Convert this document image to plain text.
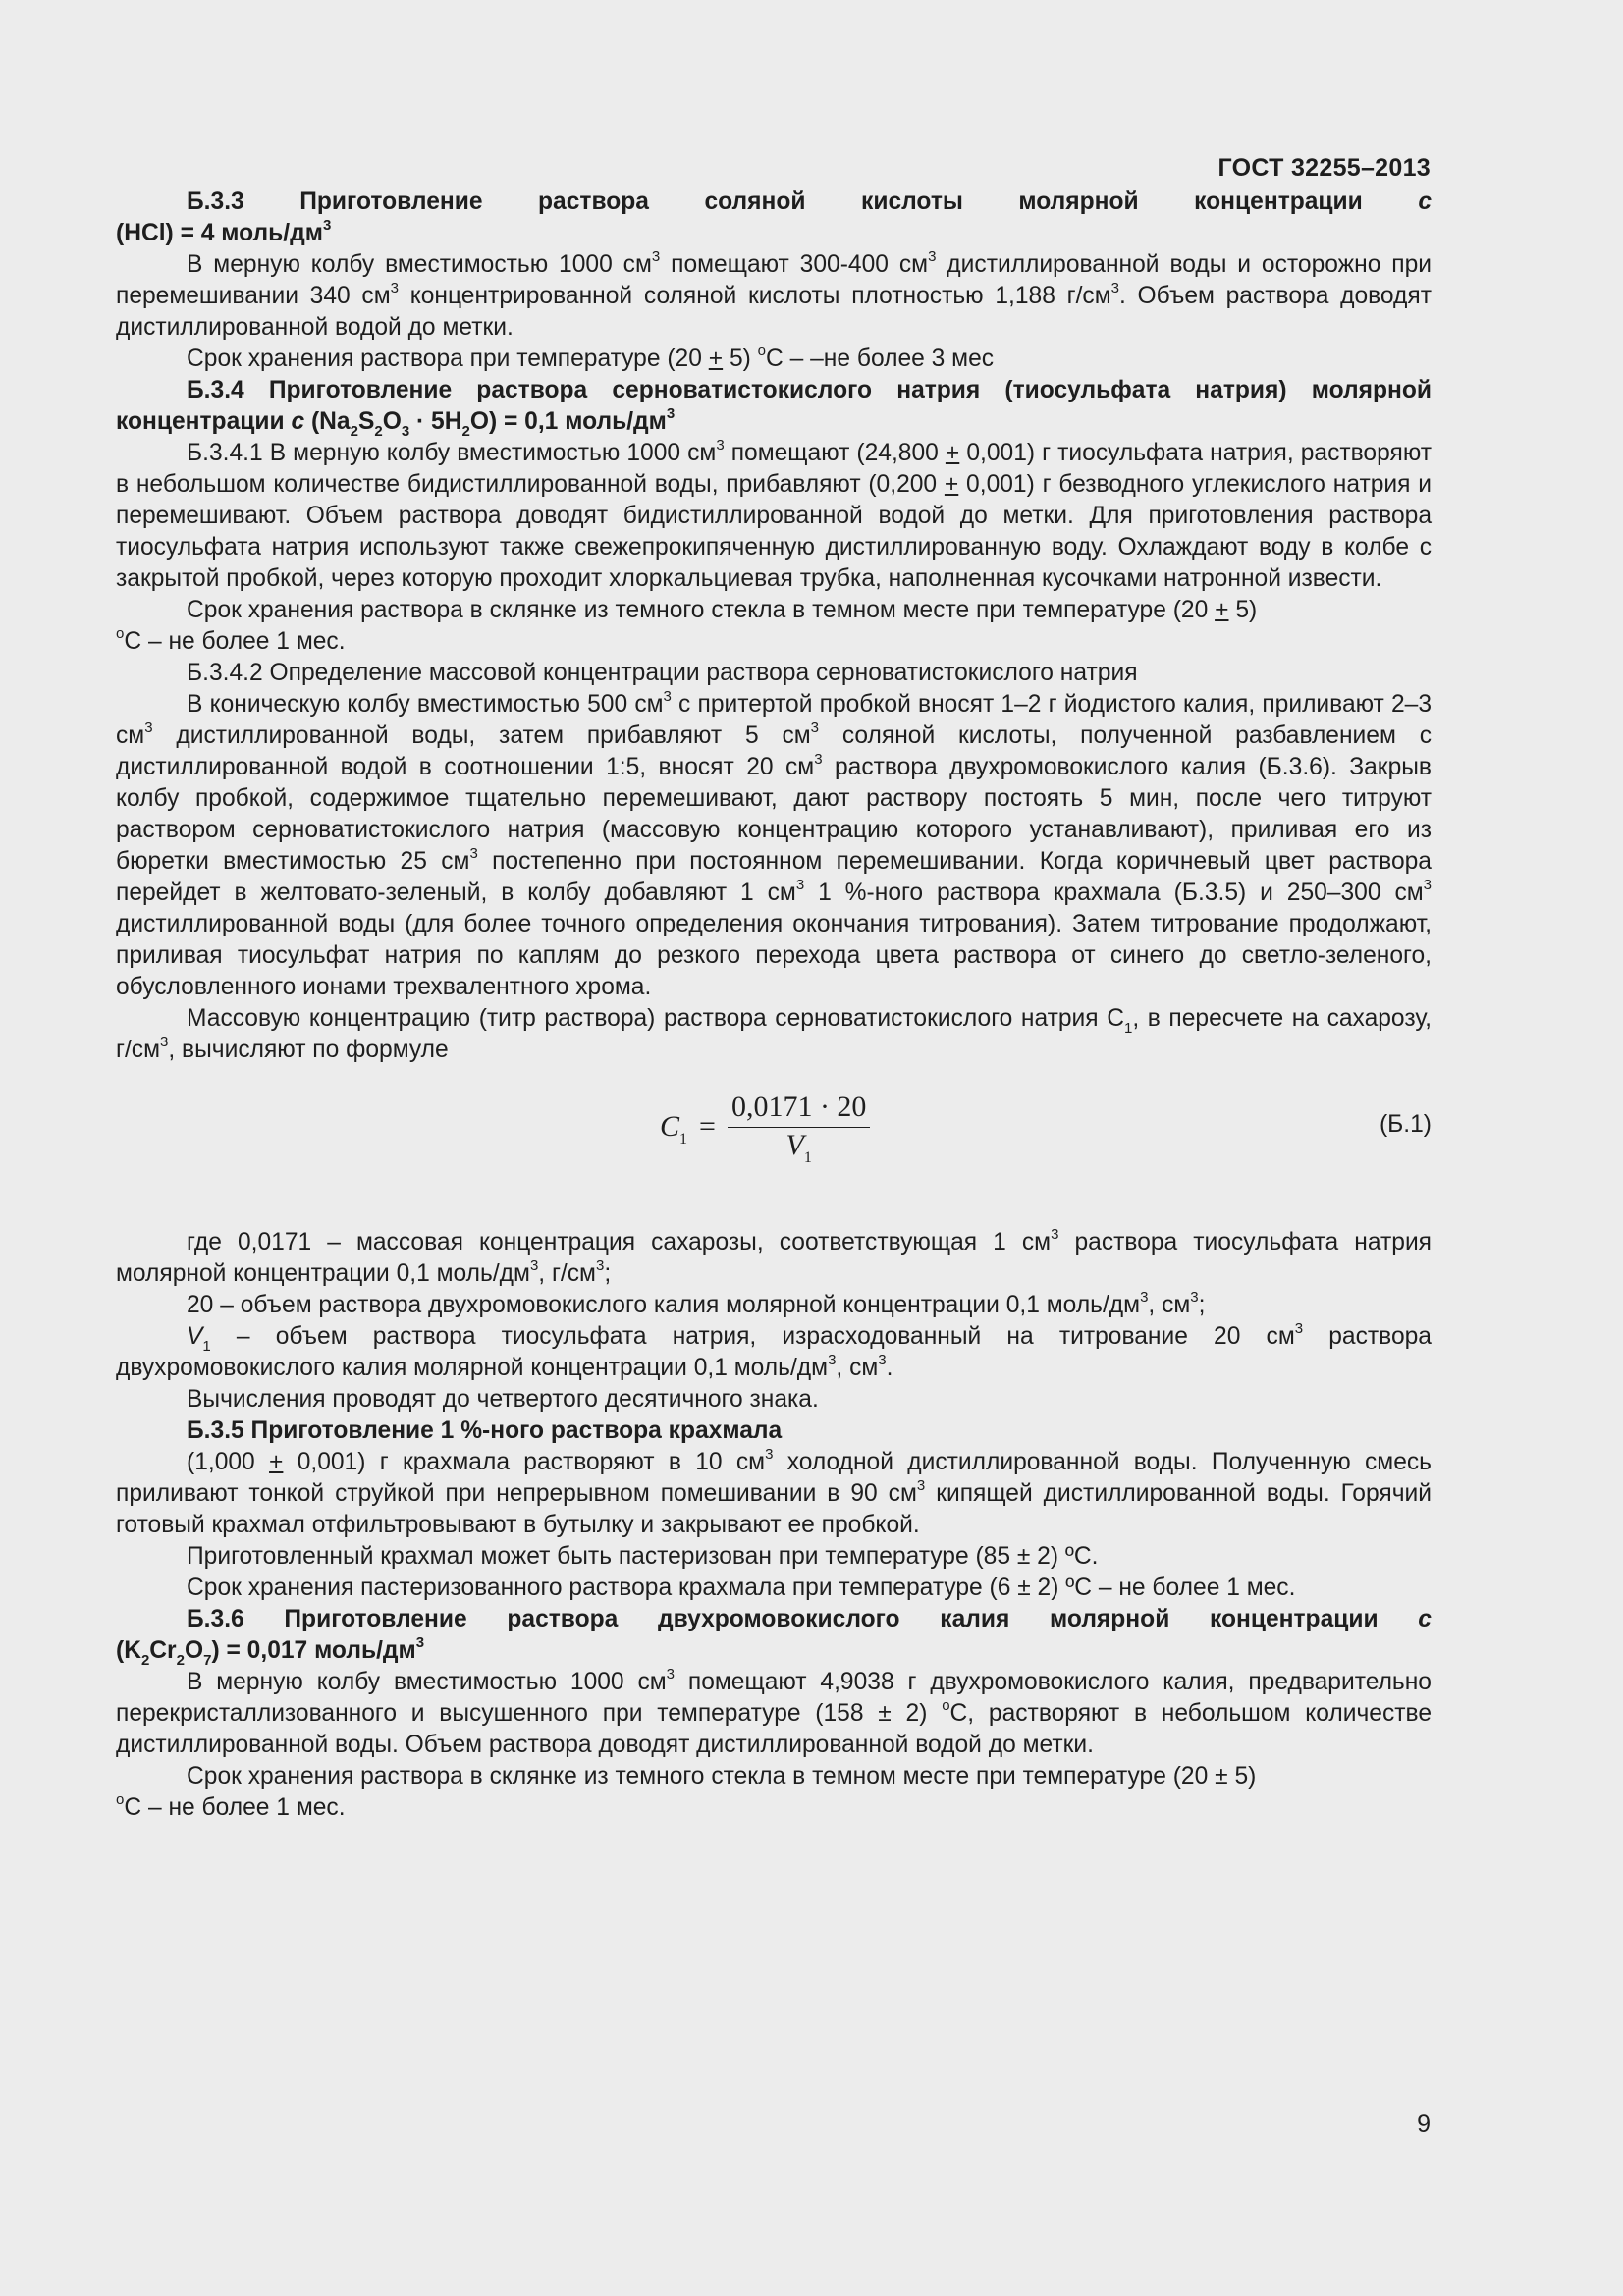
ГОСТ 32255–2013

Б.3.3 Приготовление раствора соляной кислоты молярной концентрации с

(HCl) = 4 моль/$дм^3$

В мерную колбу вместимостью 1000 $см^3$ помещают 300-400 $см^3$ дистиллированной воды и осторожно при перемешивании 340 $см^3$ концентрированной соляной кислоты плотностью 1,188 $г/см^3$. Объем раствора доводят дистиллированной водой до метки.

Срок хранения раствора при температуре (20 + 5) $^o$С – –не более 3 мес

Б.3.4 Приготовление раствора серноватистокислого натрия (тиосульфата натрия) молярной концентрации с $(Na_2S_2O_3 \cdot 5H_2O) = 0,1$ моль/$дм^3$

Б.3.4.1 В мерную колбу вместимостью 1000 $см^3$ помещают (24,800 + 0,001) г тиосульфата натрия, растворяют в небольшом количестве бидистиллированной воды, прибавляют (0,200 + 0,001) г безводного углекислого натрия и перемешивают. Объем раствора доводят бидистиллированной водой до метки. Для приготовления раствора тиосульфата натрия используют также свежепрокипяченную дистиллированную воду. Охлаждают воду в колбе с закрытой пробкой, через которую проходит хлоркальциевая трубка, наполненная кусочками натронной извести.

Срок хранения раствора в склянке из темного стекла в темном месте при температуре (20 + 5)
$^o$С – не более 1 мес.

Б.3.4.2 Определение массовой концентрации раствора серноватистокислого натрия

В коническую колбу вместимостью 500 $см^3$ с притертой пробкой вносят 1–2 г йодистого калия, приливают 2–3 $см^3$ дистиллированной воды, затем прибавляют 5 $см^3$ соляной кислоты, полученной разбавлением с дистиллированной водой в соотношении 1:5, вносят 20 $см^3$ раствора двухромовокислого калия (Б.3.6). Закрыв колбу пробкой, содержимое тщательно перемешивают, дают раствору постоять 5 мин, после чего титруют раствором серноватистокислого натрия (массовую концентрацию которого устанавливают), приливая его из бюретки вместимостью 25 $см^3$ постепенно при постоянном перемешивании. Когда коричневый цвет раствора перейдет в желтовато-зеленый, в колбу добавляют 1 $см^3$ 1 %-ного раствора крахмала (Б.3.5) и 250–300 $см^3$ дистиллированной воды (для более точного определения окончания титрования). Затем титрование продолжают, приливая тиосульфат натрия по каплям до резкого перехода цвета раствора от синего до светло-зеленого, обусловленного ионами трехвалентного хрома.

Массовую концентрацию (титр раствора) раствора серноватистокислого натрия $С_1$, в пересчете на сахарозу, $г/см^3$, вычисляют по формуле

$C_1 = \frac{0,0171 \cdot 20}{V_1}$	(Б.1)

где 0,0171 – массовая концентрация сахарозы, соответствующая 1 $см^3$ раствора тиосульфата натрия молярной концентрации 0,1 моль/$дм^3$, $г/см^3$;

20 – объем раствора двухромовокислого калия молярной концентрации 0,1 моль/$дм^3$, $см^3$;

$V_1$ – объем раствора тиосульфата натрия, израсходованный на титрование 20 $см^3$ раствора двухромовокислого калия молярной концентрации 0,1 моль/$дм^3$, $см^3$.

Вычисления проводят до четвертого десятичного знака.

Б.3.5 Приготовление 1 %-ного раствора крахмала

(1,000 + 0,001) г крахмала растворяют в 10 $см^3$ холодной дистиллированной воды. Полученную смесь приливают тонкой струйкой при непрерывном помешивании в 90 $см^3$ кипящей дистиллированной воды. Горячий готовый крахмал отфильтровывают в бутылку и закрывают ее пробкой.

Приготовленный крахмал может быть пастеризован при температуре (85 ± 2) ºС.

Срок хранения пастеризованного раствора крахмала при температуре (6 ± 2) ºС – не более 1 мес.

Б.3.6 Приготовление раствора двухромовокислого калия молярной концентрации с

$(K_2Cr_2O_7) = 0,017$ моль/$дм^3$

В мерную колбу вместимостью 1000 $см^3$ помещают 4,9038 г двухромовокислого калия, предварительно перекристаллизованного и высушенного при температуре (158 ± 2) $^o$С, растворяют в небольшом количестве дистиллированной воды. Объем раствора доводят дистиллированной водой до метки.

Срок хранения раствора в склянке из темного стекла в темном месте при температуре (20 ± 5)
$^o$С – не более 1 мес.

9
